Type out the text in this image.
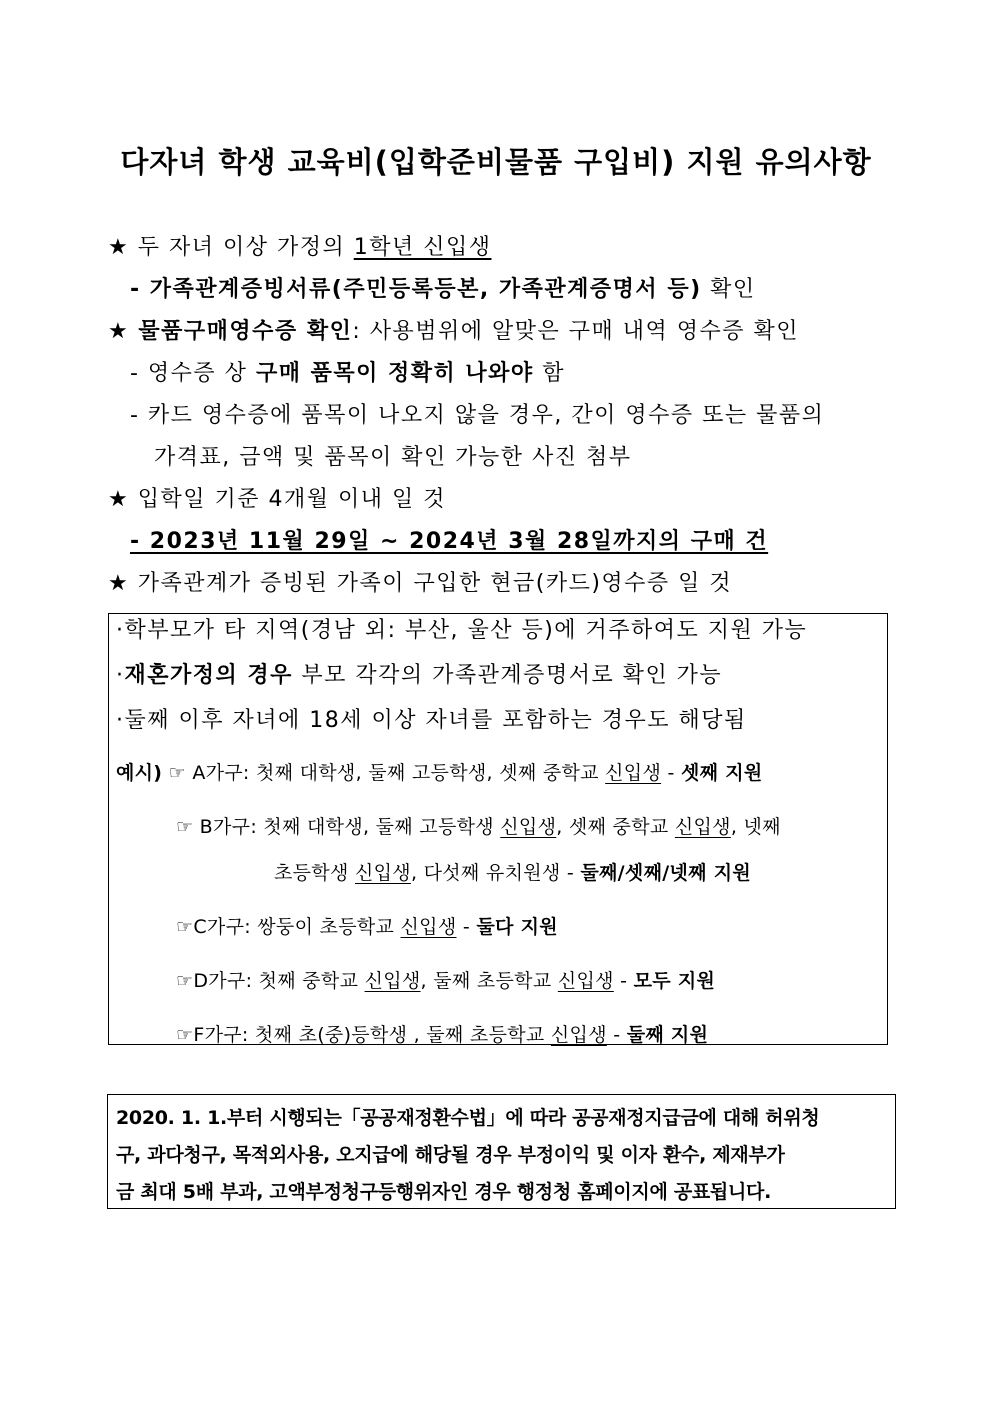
다자녀 학생 교육비(입학준비물품 구입비) 지원 유의사항
★ 두 자녀 이상 가정의 1학년 신입생
- 가족관계증빙서류(주민등록등본, 가족관계증명서 등) 확인
★ 물품구매영수증 확인: 사용범위에 알맞은 구매 내역 영수증 확인
- 영수증 상 구매 품목이 정확히 나와야 함
- 카드 영수증에 품목이 나오지 않을 경우, 간이 영수증 또는 물품의
가격표, 금액 및 품목이 확인 가능한 사진 첨부
★ 입학일 기준 4개월 이내 일 것
- 2023년 11월 29일 ~ 2024년 3월 28일까지의 구매 건
★ 가족관계가 증빙된 가족이 구입한 현금(카드)영수증 일 것
·학부모가 타 지역(경남 외: 부산, 울산 등)에 거주하여도 지원 가능
·재혼가정의 경우 부모 각각의 가족관계증명서로 확인 가능
·둘째 이후 자녀에 18세 이상 자녀를 포함하는 경우도 해당됨
예시) ☞ A가구: 첫째 대학생, 둘째 고등학생, 셋째 중학교 신입생 - 셋째 지원
☞ B가구: 첫째 대학생, 둘째 고등학생 신입생, 셋째 중학교 신입생, 넷째
초등학생 신입생, 다섯째 유치원생 - 둘째/셋째/넷째 지원
☞C가구: 쌍둥이 초등학교 신입생 - 둘다 지원
☞D가구: 첫째 중학교 신입생, 둘째 초등학교 신입생 - 모두 지원
☞F가구: 첫째 초(중)등학생 , 둘째 초등학교 신입생 - 둘째 지원
2020. 1. 1.부터 시행되는「공공재정환수법」에 따라 공공재정지급금에 대해 허위청
구, 과다청구, 목적외사용, 오지급에 해당될 경우 부정이익 및 이자 환수, 제재부가
금 최대 5배 부과, 고액부정청구등행위자인 경우 행정청 홈페이지에 공표됩니다.
